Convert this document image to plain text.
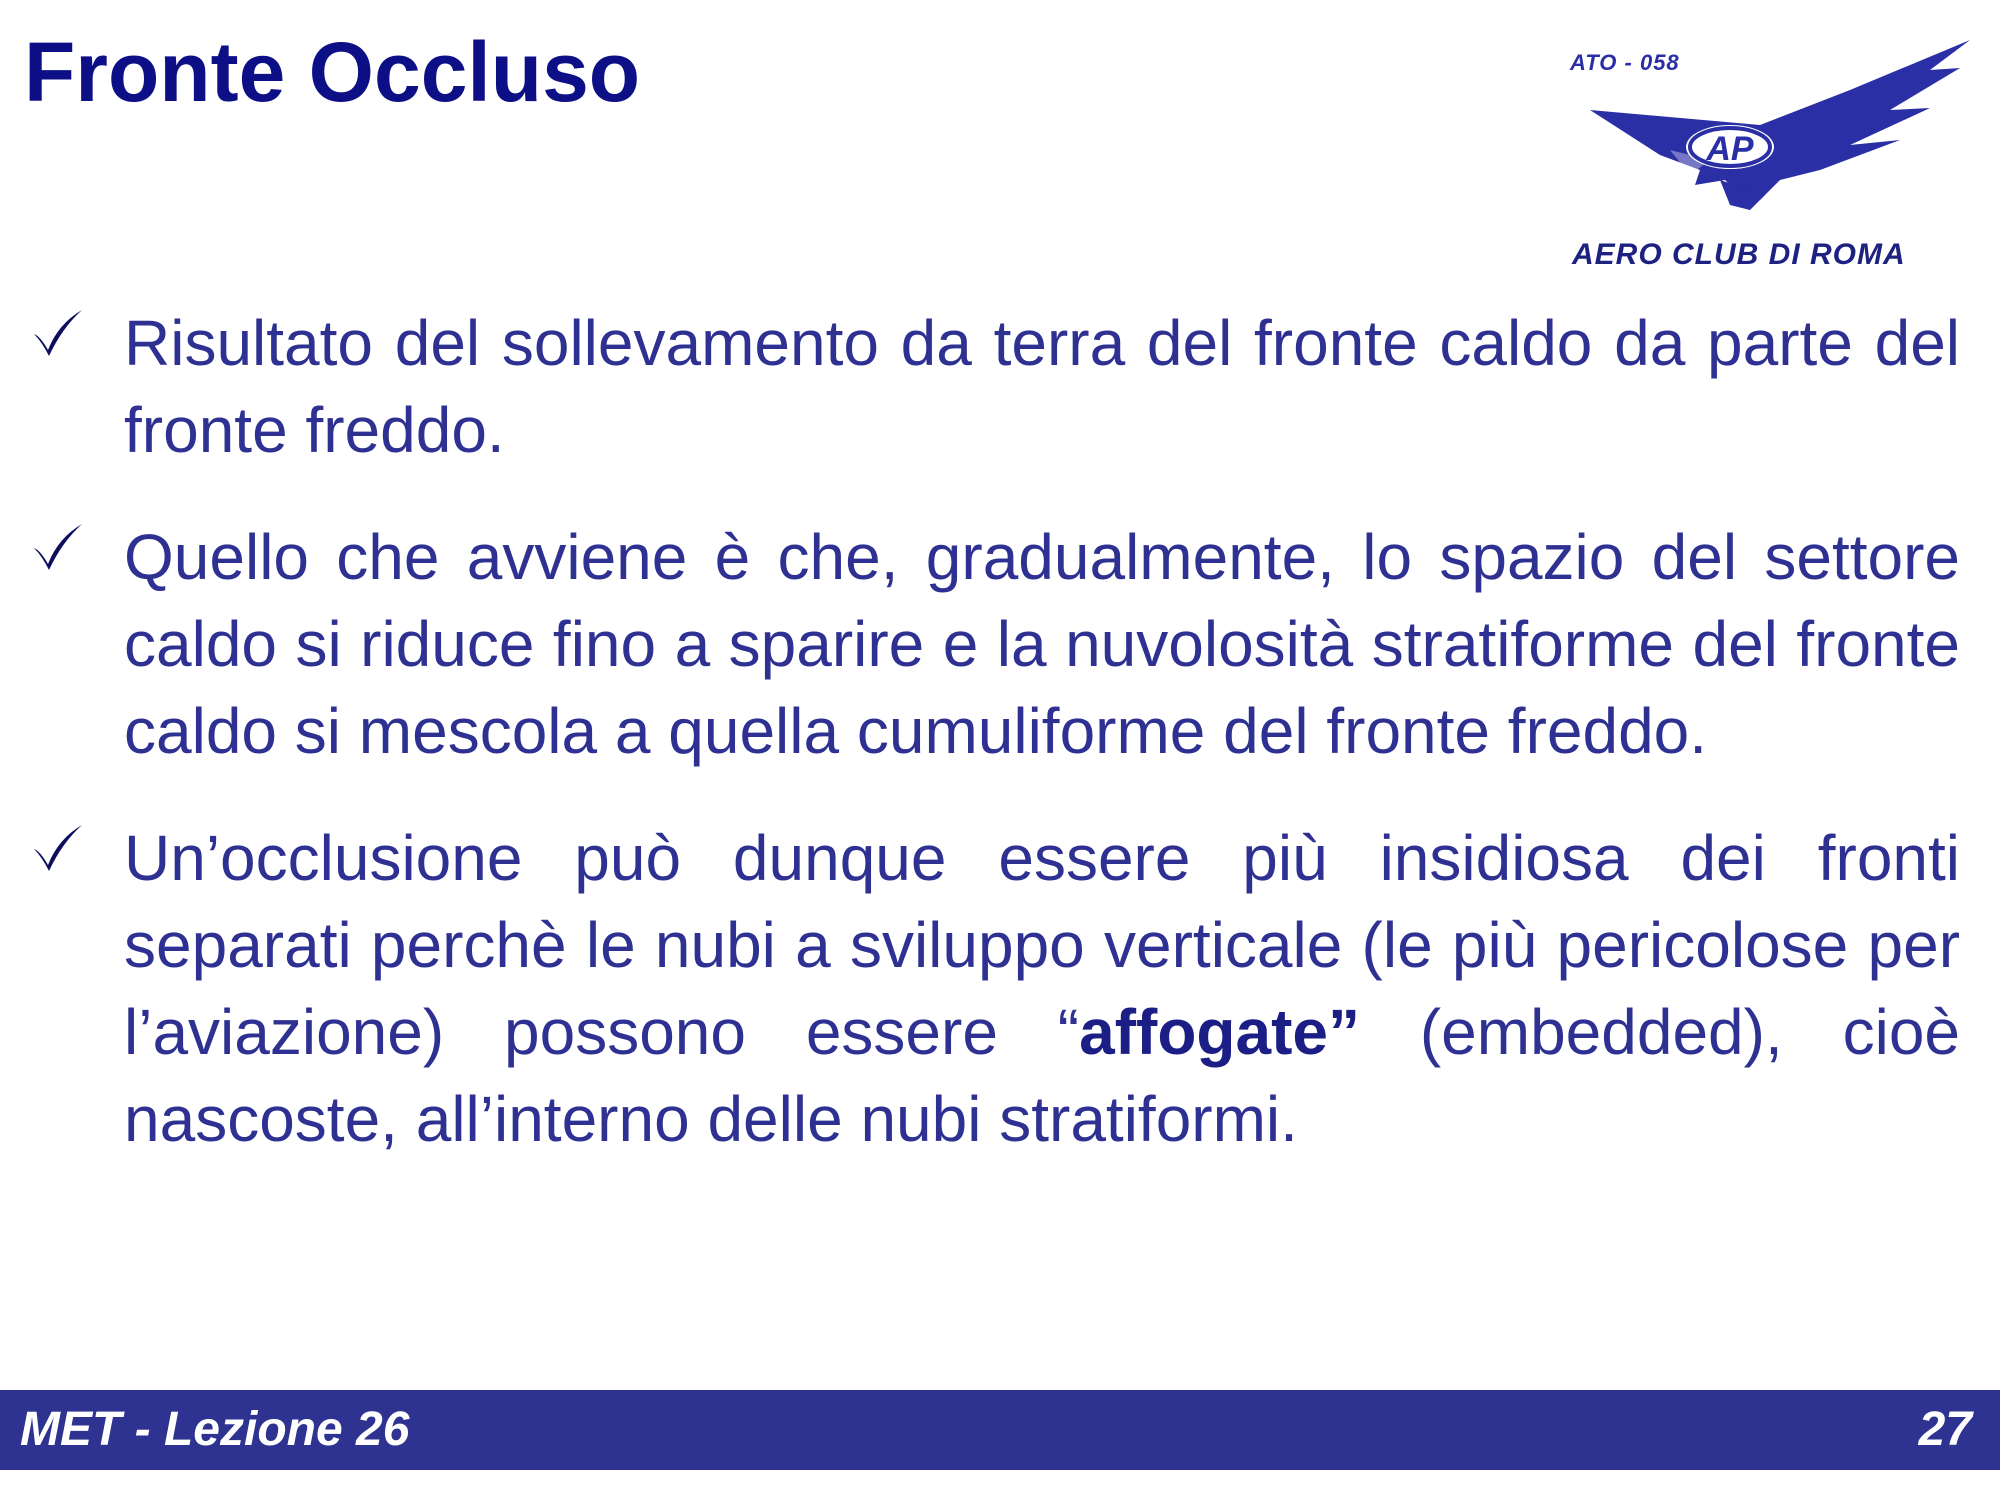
Fronte Occluso
AP
ATO - 058
AERO CLUB DI ROMA
Risultato del sollevamento da terra del fronte caldo da parte del fronte freddo.
Quello che avviene è che, gradualmente, lo spazio del settore caldo si riduce fino a sparire e la nuvolosità stratiforme del fronte caldo si mescola a quella cumuliforme del fronte freddo.
Un’occlusione può dunque essere più insidiosa dei fronti separati perchè le nubi a sviluppo verticale (le più pericolose per l’aviazione) possono essere “affogate” (embedded), cioè nascoste, all’interno delle nubi stratiformi.
MET - Lezione 26	27
